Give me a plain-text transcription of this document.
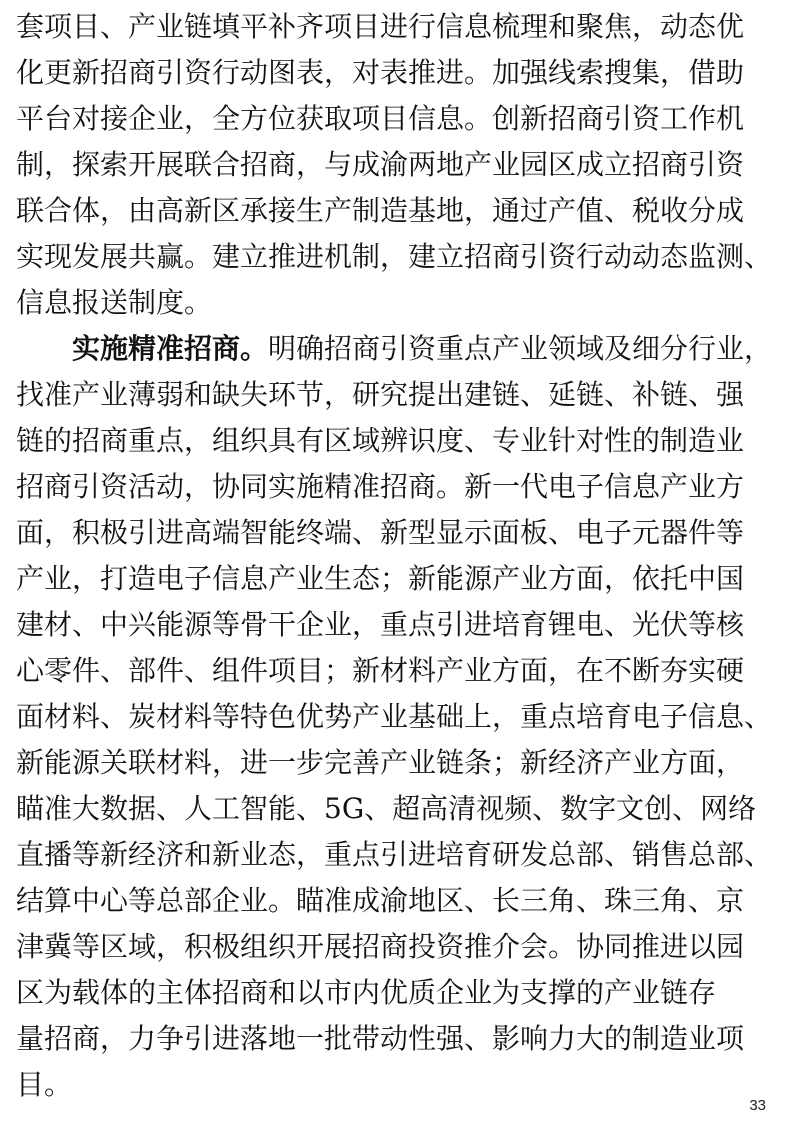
套项目、产业链填平补齐项目进行信息梳理和聚焦，动态优
化更新招商引资行动图表，对表推进。加强线索搜集，借助
平台对接企业，全方位获取项目信息。创新招商引资工作机
制，探索开展联合招商，与成渝两地产业园区成立招商引资
联合体，由高新区承接生产制造基地，通过产值、税收分成
实现发展共赢。建立推进机制，建立招商引资行动动态监测、
信息报送制度。
实施精准招商。明确招商引资重点产业领域及细分行业，
找准产业薄弱和缺失环节，研究提出建链、延链、补链、强
链的招商重点，组织具有区域辨识度、专业针对性的制造业
招商引资活动，协同实施精准招商。新一代电子信息产业方
面，积极引进高端智能终端、新型显示面板、电子元器件等
产业，打造电子信息产业生态；新能源产业方面，依托中国
建材、中兴能源等骨干企业，重点引进培育锂电、光伏等核
心零件、部件、组件项目；新材料产业方面，在不断夯实硬
面材料、炭材料等特色优势产业基础上，重点培育电子信息、
新能源关联材料，进一步完善产业链条；新经济产业方面，
瞄准大数据、人工智能、5G、超高清视频、数字文创、网络
直播等新经济和新业态，重点引进培育研发总部、销售总部、
结算中心等总部企业。瞄准成渝地区、长三角、珠三角、京
津冀等区域，积极组织开展招商投资推介会。协同推进以园
区为载体的主体招商和以市内优质企业为支撑的产业链存
量招商，力争引进落地一批带动性强、影响力大的制造业项
目。
33
